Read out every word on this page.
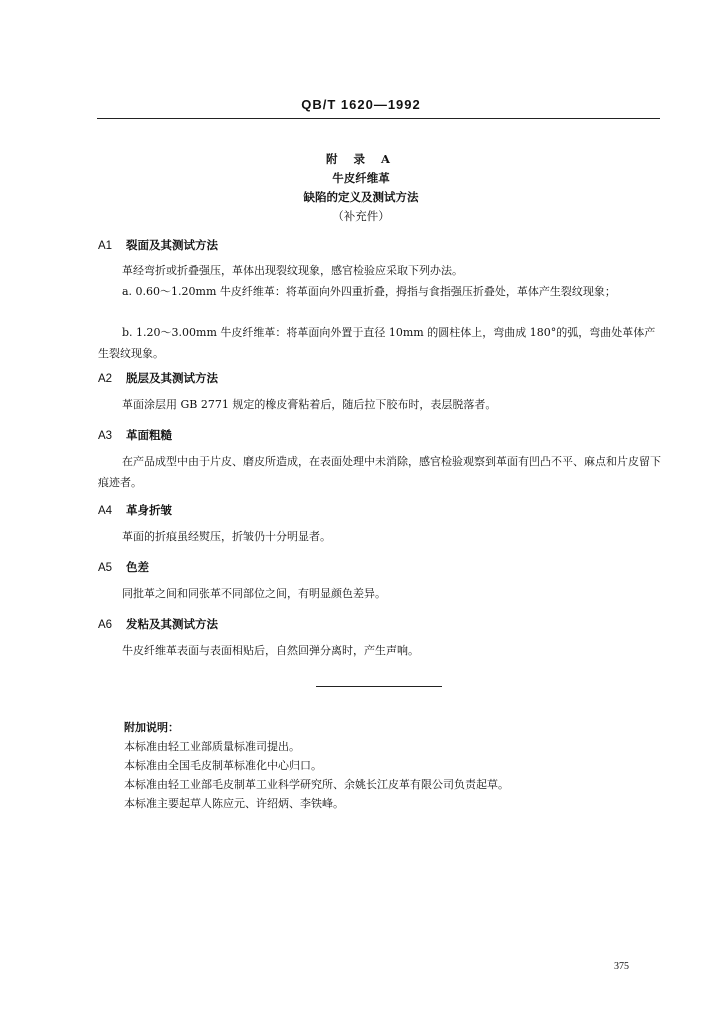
QB/T 1620—1992
附 录 A
牛皮纤维革
缺陷的定义及测试方法
（补充件）
A1 裂面及其测试方法
革经弯折或折叠强压，革体出现裂纹现象，感官检验应采取下列办法。
a. 0.60～1.20mm 牛皮纤维革：将革面向外四重折叠，拇指与食指强压折叠处，革体产生裂纹现象；
b. 1.20～3.00mm 牛皮纤维革：将革面向外置于直径 10mm 的圆柱体上，弯曲成 180°的弧，弯曲处革体产生裂纹现象。
A2 脱层及其测试方法
革面涂层用 GB 2771 规定的橡皮膏粘着后，随后拉下胶布时，表层脱落者。
A3 革面粗糙
在产品成型中由于片皮、磨皮所造成，在表面处理中未消除，感官检验观察到革面有凹凸不平、麻点和片皮留下痕迹者。
A4 革身折皱
革面的折痕虽经熨压，折皱仍十分明显者。
A5 色差
同批革之间和同张革不同部位之间，有明显颜色差异。
A6 发粘及其测试方法
牛皮纤维革表面与表面相贴后，自然回弹分离时，产生声响。
附加说明：
本标准由轻工业部质量标准司提出。
本标准由全国毛皮制革标准化中心归口。
本标准由轻工业部毛皮制革工业科学研究所、余姚长江皮革有限公司负责起草。
本标准主要起草人陈应元、许绍炳、李铁峰。
375
